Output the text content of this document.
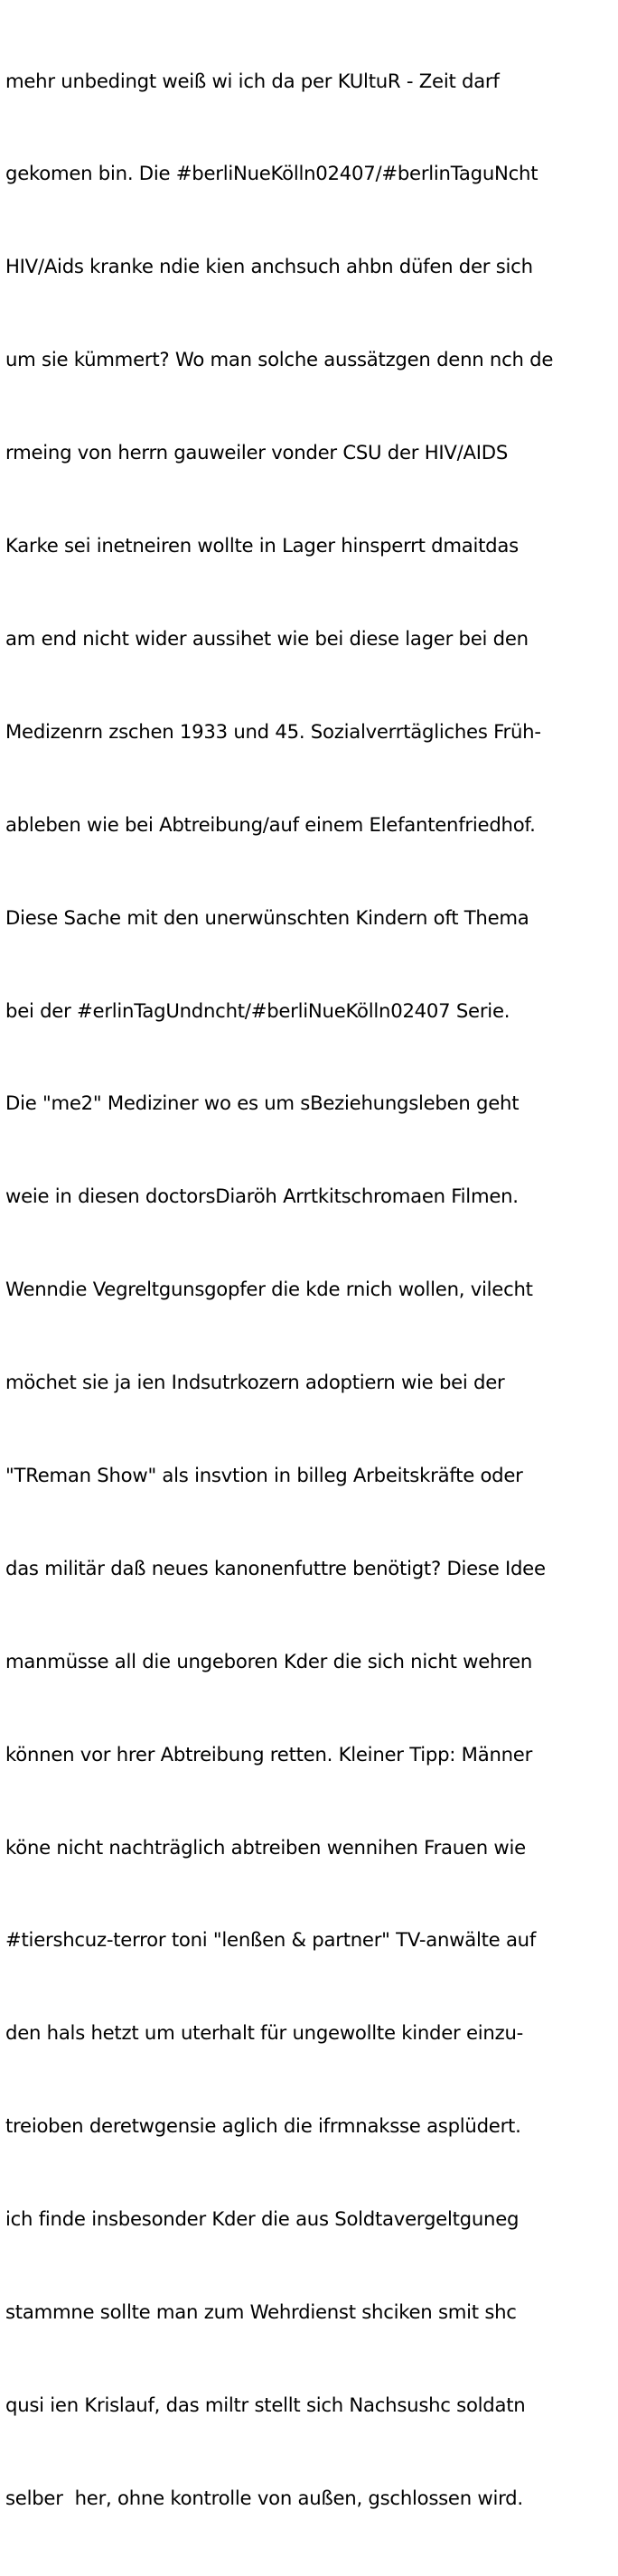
mehr unbedingt weiß wi ich da per KUltuR - Zeit darf

gekomen bin. Die #berliNueKölln02407/#berlinTaguNcht

HIV/Aids kranke ndie kien anchsuch ahbn düfen der sich

um sie kümmert? Wo man solche aussätzgen denn nch de

rmeing von herrn gauweiler vonder CSU der HIV/AIDS

Karke sei inetneiren wollte in Lager hinsperrt dmaitdas

am end nicht wider aussihet wie bei diese lager bei den

Medizenrn zschen 1933 und 45. Sozialverrtägliches Früh-

ableben wie bei Abtreibung/auf einem Elefantenfriedhof.

Diese Sache mit den unerwünschten Kindern oft Thema

bei der #erlinTagUndncht/#berliNueKölln02407 Serie.

Die "me2" Mediziner wo es um sBeziehungsleben geht

weie in diesen doctorsDiaröh Arrtkitschromaen Filmen.

Wenndie Vegreltgunsgopfer die kde rnich wollen, vilecht

möchet sie ja ien Indsutrkozern adoptiern wie bei der

"TReman Show" als insvtion in billeg Arbeitskräfte oder

das militär daß neues kanonenfuttre benötigt? Diese Idee

manmüsse all die ungeboren Kder die sich nicht wehren

können vor hrer Abtreibung retten. Kleiner Tipp: Männer

köne nicht nachträglich abtreiben wennihen Frauen wie

#tiershcuz-terror toni "lenßen & partner" TV-anwälte auf

den hals hetzt um uterhalt für ungewollte kinder einzu-

treioben deretwgensie aglich die ifrmnaksse asplüdert.

ich finde insbesonder Kder die aus Soldtavergeltguneg

stammne sollte man zum Wehrdienst shciken smit shc

qusi ien Krislauf, das miltr stellt sich Nachsushc soldatn

selber  her, ohne kontrolle von außen, gschlossen wird.
